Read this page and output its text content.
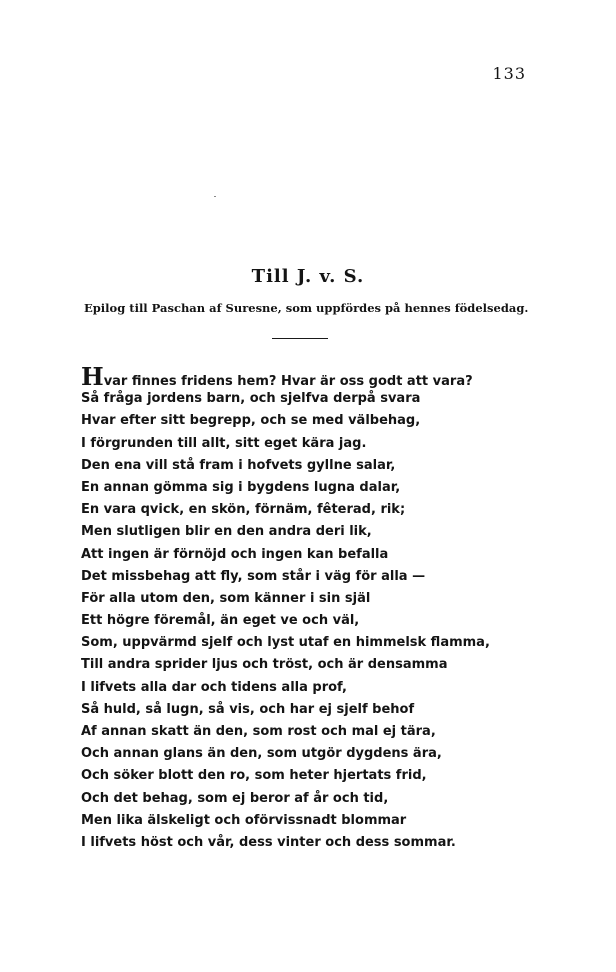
133
Till J. v. S.
Epilog till Paschan af Suresne, som uppfördes på hennes födelsedag.
Hvar finnes fridens hem? Hvar är oss godt att vara?
Så fråga jordens barn, och sjelfva derpå svara
Hvar efter sitt begrepp, och se med välbehag,
I förgrunden till allt, sitt eget kära jag.
Den ena vill stå fram i hofvets gyllne salar,
En annan gömma sig i bygdens lugna dalar,
En vara qvick, en skön, förnäm, fêterad, rik;
Men slutligen blir en den andra deri lik,
Att ingen är förnöjd och ingen kan befalla
Det missbehag att fly, som står i väg för alla —
För alla utom den, som känner i sin själ
Ett högre föremål, än eget ve och väl,
Som, uppvärmd sjelf och lyst utaf en himmelsk flamma,
Till andra sprider ljus och tröst, och är densamma
I lifvets alla dar och tidens alla prof,
Så huld, så lugn, så vis, och har ej sjelf behof
Af annan skatt än den, som rost och mal ej tära,
Och annan glans än den, som utgör dygdens ära,
Och söker blott den ro, som heter hjertats frid,
Och det behag, som ej beror af år och tid,
Men lika älskeligt och oförvissnadt blommar
I lifvets höst och vår, dess vinter och dess sommar.
